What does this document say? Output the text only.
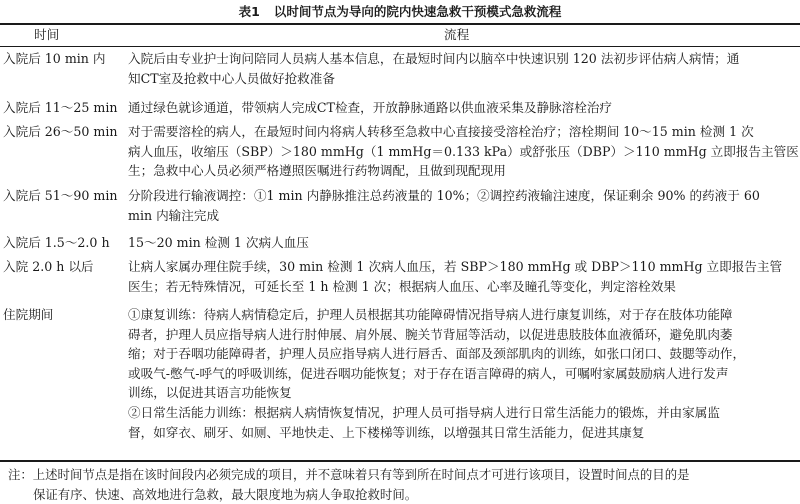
表1 以时间节点为导向的院内快速急救干预模式急救流程
时间	流程
入院后 10 min 内 入院后由专业护士询问陪同人员病人基本信息，在最短时间内以脑卒中快速识别 120 法初步评估病人病情；通
知CT室及抢救中心人员做好抢救准备
入院后 11～25 min 通过绿色就诊通道，带领病人完成CT检查，开放静脉通路以供血液采集及静脉溶栓治疗
入院后 26～50 min 对于需要溶栓的病人，在最短时间内将病人转移至急救中心直接接受溶栓治疗；溶栓期间 10～15 min 检测 1 次
病人血压，收缩压（SBP）＞180 mmHg（1 mmHg＝0.133 kPa）或舒张压（DBP）＞110 mmHg 立即报告主管医
生；急救中心人员必须严格遵照医嘱进行药物调配，且做到现配现用
入院后 51～90 min 分阶段进行输液调控：①1 min 内静脉推注总药液量的 10%；②调控药液输注速度，保证剩余 90% 的药液于 60
min 内输注完成
入院后 1.5～2.0 h 15～20 min 检测 1 次病人血压
入院 2.0 h 以后	让病人家属办理住院手续，30 min 检测 1 次病人血压，若 SBP＞180 mmHg 或 DBP＞110 mmHg 立即报告主管
医生；若无特殊情况，可延长至 1 h 检测 1 次；根据病人血压、心率及瞳孔等变化，判定溶栓效果
住院期间	①康复训练：待病人病情稳定后，护理人员根据其功能障碍情况指导病人进行康复训练，对于存在肢体功能障
碍者，护理人员应指导病人进行肘伸展、肩外展、腕关节背屈等活动，以促进患肢肢体血液循环，避免肌肉萎
缩；对于吞咽功能障碍者，护理人员应指导病人进行唇舌、面部及颈部肌肉的训练，如张口闭口、鼓腮等动作，
或吸气-憋气-呼气的呼吸训练，促进吞咽功能恢复；对于存在语言障碍的病人，可嘱咐家属鼓励病人进行发声
训练，以促进其语言功能恢复
②日常生活能力训练：根据病人病情恢复情况，护理人员可指导病人进行日常生活能力的锻炼，并由家属监
督，如穿衣、刷牙、如厕、平地快走、上下楼梯等训练，以增强其日常生活能力，促进其康复
注：上述时间节点是指在该时间段内必须完成的项目，并不意味着只有等到所在时间点才可进行该项目，设置时间点的目的是
保证有序、快速、高效地进行急救，最大限度地为病人争取抢救时间。
